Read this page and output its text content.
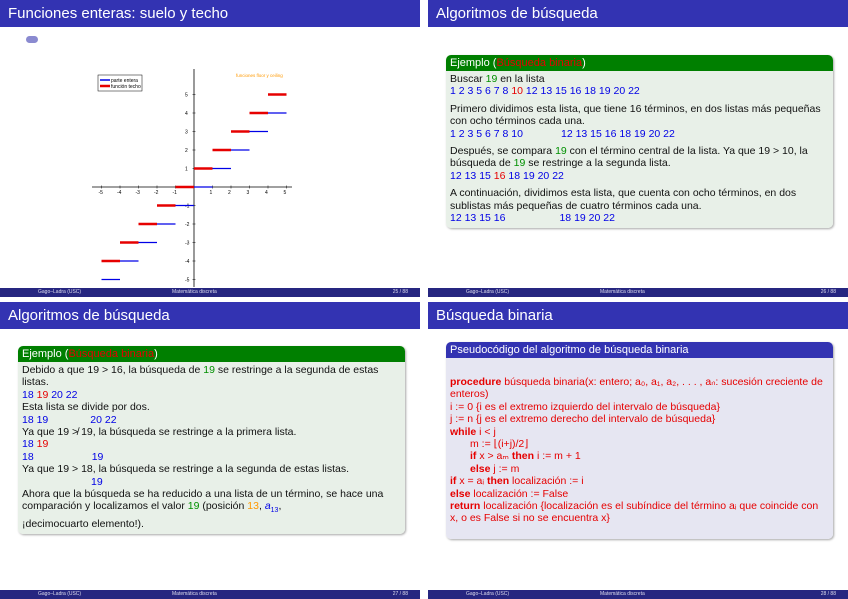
Funciones enteras: suelo y techo
-5	-4	-3	-2	-1	1	2	3	4	5
5
4
3
2
1
-1
-2
-3
-4
-5
parte entera
función techo
funciones floor y ceiling
Gago–Ladra (USC)	Matemática discreta	25 / 88
Algoritmos de búsqueda
Ejemplo (Búsqueda binaria)
Buscar 19 en la lista
1 2 3 5 6 7 8 10 12 13 15 16 18 19 20 22
Primero dividimos esta lista, que tiene 16 términos, en dos listas más pequeñas con ocho términos cada una.
1 2 3 5 6 7 8 10	12 13 15 16 18 19 20 22
Después, se compara 19 con el término central de la lista. Ya que 19 > 10, la búsqueda de 19 se restringe a la segunda lista.
12 13 15 16 18 19 20 22
A continuación, dividimos esta lista, que cuenta con ocho términos, en dos sublistas más pequeñas de cuatro términos cada una.
12 13 15 16	18 19 20 22
Gago–Ladra (USC)	Matemática discreta	26 / 88
Algoritmos de búsqueda
Ejemplo (Búsqueda binaria)
Debido a que 19 > 16, la búsqueda de 19 se restringe a la segunda de estas listas.
18 19 20 22
Esta lista se divide por dos.
18 19	20 22
Ya que 19 ≯ 19, la búsqueda se restringe a la primera lista.
18 19
18	19
Ya que 19 > 18, la búsqueda se restringe a la segunda de estas listas.
19
Ahora que la búsqueda se ha reducido a una lista de un término, se hace una comparación y localizamos el valor 19 (posición 13, $a_{13}$,
¡decimocuarto elemento!).
Gago–Ladra (USC)	Matemática discreta	27 / 88
Búsqueda binaria
Pseudocódigo del algoritmo de búsqueda binaria
procedure búsqueda binaria(x: entero; a₀, a₁, a₂, . . . , aₙ: sucesión creciente de enteros)
i := 0 {i es el extremo izquierdo del intervalo de búsqueda}
j := n {j es el extremo derecho del intervalo de búsqueda}
while i < j
m := ⌊(i+j)/2⌋
if x > aₘ then i := m + 1
else j := m
if x = aᵢ then localización := i
else localización := False
return localización {localización es el subíndice del término aᵢ que coincide con x, o es False si no se encuentra x}
Gago–Ladra (USC)	Matemática discreta	28 / 88
